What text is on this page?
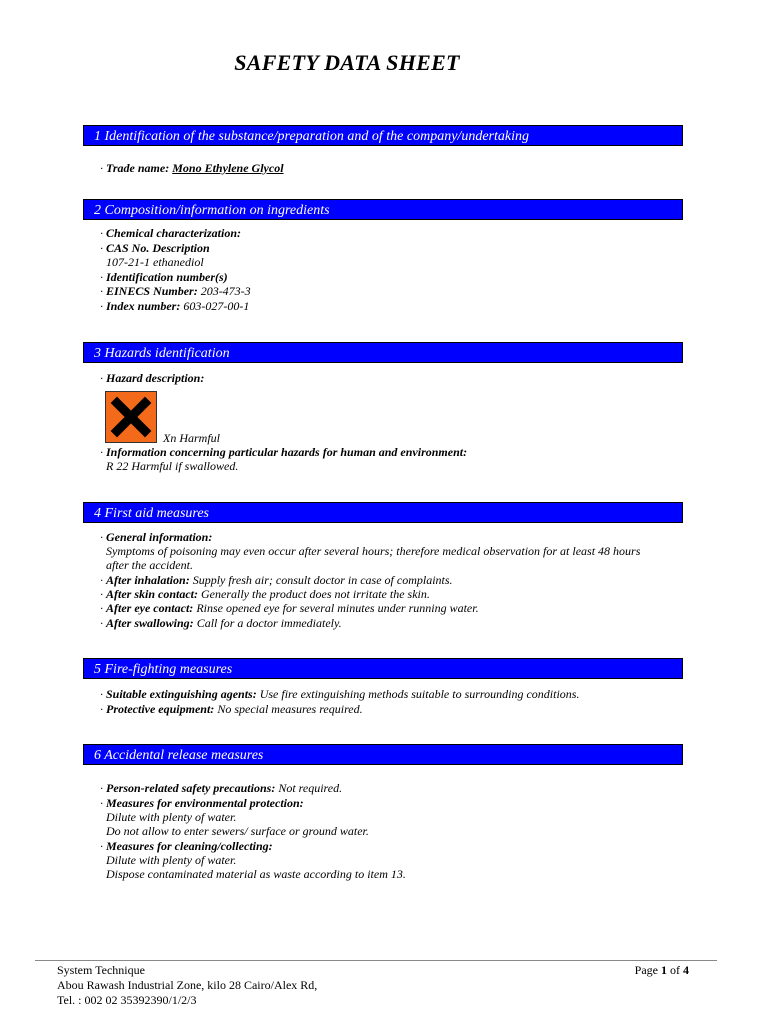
SAFETY DATA SHEET
1 Identification of the substance/preparation and of the company/undertaking
· Trade name: Mono Ethylene Glycol
2 Composition/information on ingredients
· Chemical characterization:
· CAS No. Description
107-21-1 ethanediol
· Identification number(s)
· EINECS Number: 203-473-3
· Index number: 603-027-00-1
3 Hazards identification
· Hazard description:
Xn Harmful
· Information concerning particular hazards for human and environment:
R 22 Harmful if swallowed.
4 First aid measures
· General information:
Symptoms of poisoning may even occur after several hours; therefore medical observation for at least 48 hours
after the accident.
· After inhalation: Supply fresh air; consult doctor in case of complaints.
· After skin contact: Generally the product does not irritate the skin.
· After eye contact: Rinse opened eye for several minutes under running water.
· After swallowing: Call for a doctor immediately.
5 Fire-fighting measures
· Suitable extinguishing agents: Use fire extinguishing methods suitable to surrounding conditions.
· Protective equipment: No special measures required.
6 Accidental release measures
· Person-related safety precautions: Not required.
· Measures for environmental protection:
Dilute with plenty of water.
Do not allow to enter sewers/ surface or ground water.
· Measures for cleaning/collecting:
Dilute with plenty of water.
Dispose contaminated material as waste according to item 13.
System Technique
Abou Rawash Industrial Zone, kilo 28 Cairo/Alex Rd,
Tel. : 002 02 35392390/1/2/3
Page 1 of 4
